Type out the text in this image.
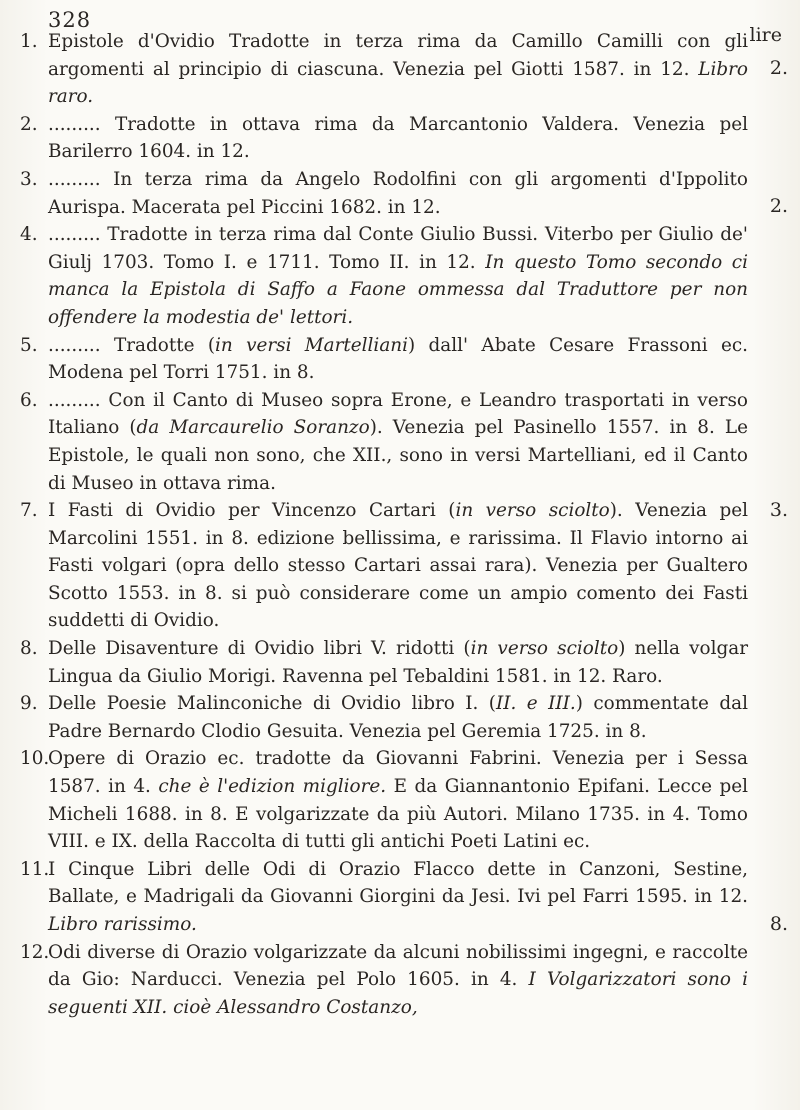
328
lire
1. Epistole d'Ovidio Tradotte in terza rima da Camillo Camilli con gli argomenti al principio di ciascuna. Venezia pel Giotti 1587. in 12. Libro raro.
2.
2. ......... Tradotte in ottava rima da Marcantonio Valdera. Venezia pel Barilerro 1604. in 12.
3. ......... In terza rima da Angelo Rodolfini con gli argomenti d'Ippolito Aurispa. Macerata pel Piccini 1682. in 12.	2.
4. ......... Tradotte in terza rima dal Conte Giulio Bussi. Viterbo per Giulio de' Giulj 1703. Tomo I. e 1711. Tomo II. in 12. In questo Tomo secondo ci manca la Epistola di Saffo a Faone ommessa dal Traduttore per non offendere la modestia de' lettori.
5. ......... Tradotte (in versi Martelliani) dall' Abate Cesare Frassoni ec. Modena pel Torri 1751. in 8.
6. ......... Con il Canto di Museo sopra Erone, e Leandro trasportati in verso Italiano (da Marcaurelio Soranzo). Venezia pel Pasinello 1557. in 8. Le Epistole, le quali non sono, che XII., sono in versi Martelliani, ed il Canto di Museo in ottava rima.
7. I Fasti di Ovidio per Vincenzo Cartari (in verso sciolto). Venezia pel Marcolini 1551. in 8. edizione bellissima, e rarissima. Il Flavio intorno ai Fasti volgari (opra dello stesso Cartari assai rara). Venezia per Gualtero Scotto 1553. in 8. si può considerare come un ampio comento dei Fasti suddetti di Ovidio.
3.
8. Delle Disaventure di Ovidio libri V. ridotti (in verso sciolto) nella volgar Lingua da Giulio Morigi. Ravenna pel Tebaldini 1581. in 12. Raro.
9. Delle Poesie Malinconiche di Ovidio libro I. (II. e III.) commentate dal Padre Bernardo Clodio Gesuita. Venezia pel Geremia 1725. in 8.
10.
Opere di Orazio ec. tradotte da Giovanni Fabrini. Venezia per i Sessa 1587. in 4. che è l'edizion migliore. E da Giannantonio Epifani. Lecce pel Micheli 1688. in 8. E volgarizzate da più Autori. Milano 1735. in 4. Tomo VIII. e IX. della Raccolta di tutti gli antichi Poeti Latini ec.
11.
I Cinque Libri delle Odi di Orazio Flacco dette in Canzoni, Sestine, Ballate, e Madrigali da Giovanni Giorgini da Jesi. Ivi pel Farri 1595. in 12. Libro rarissimo.	8.
12.
Odi diverse di Orazio volgarizzate da alcuni nobilissimi ingegni, e raccolte da Gio: Narducci. Venezia pel Polo 1605. in 4. I Volgarizzatori sono i seguenti XII. cioè Alessandro Costanzo,
